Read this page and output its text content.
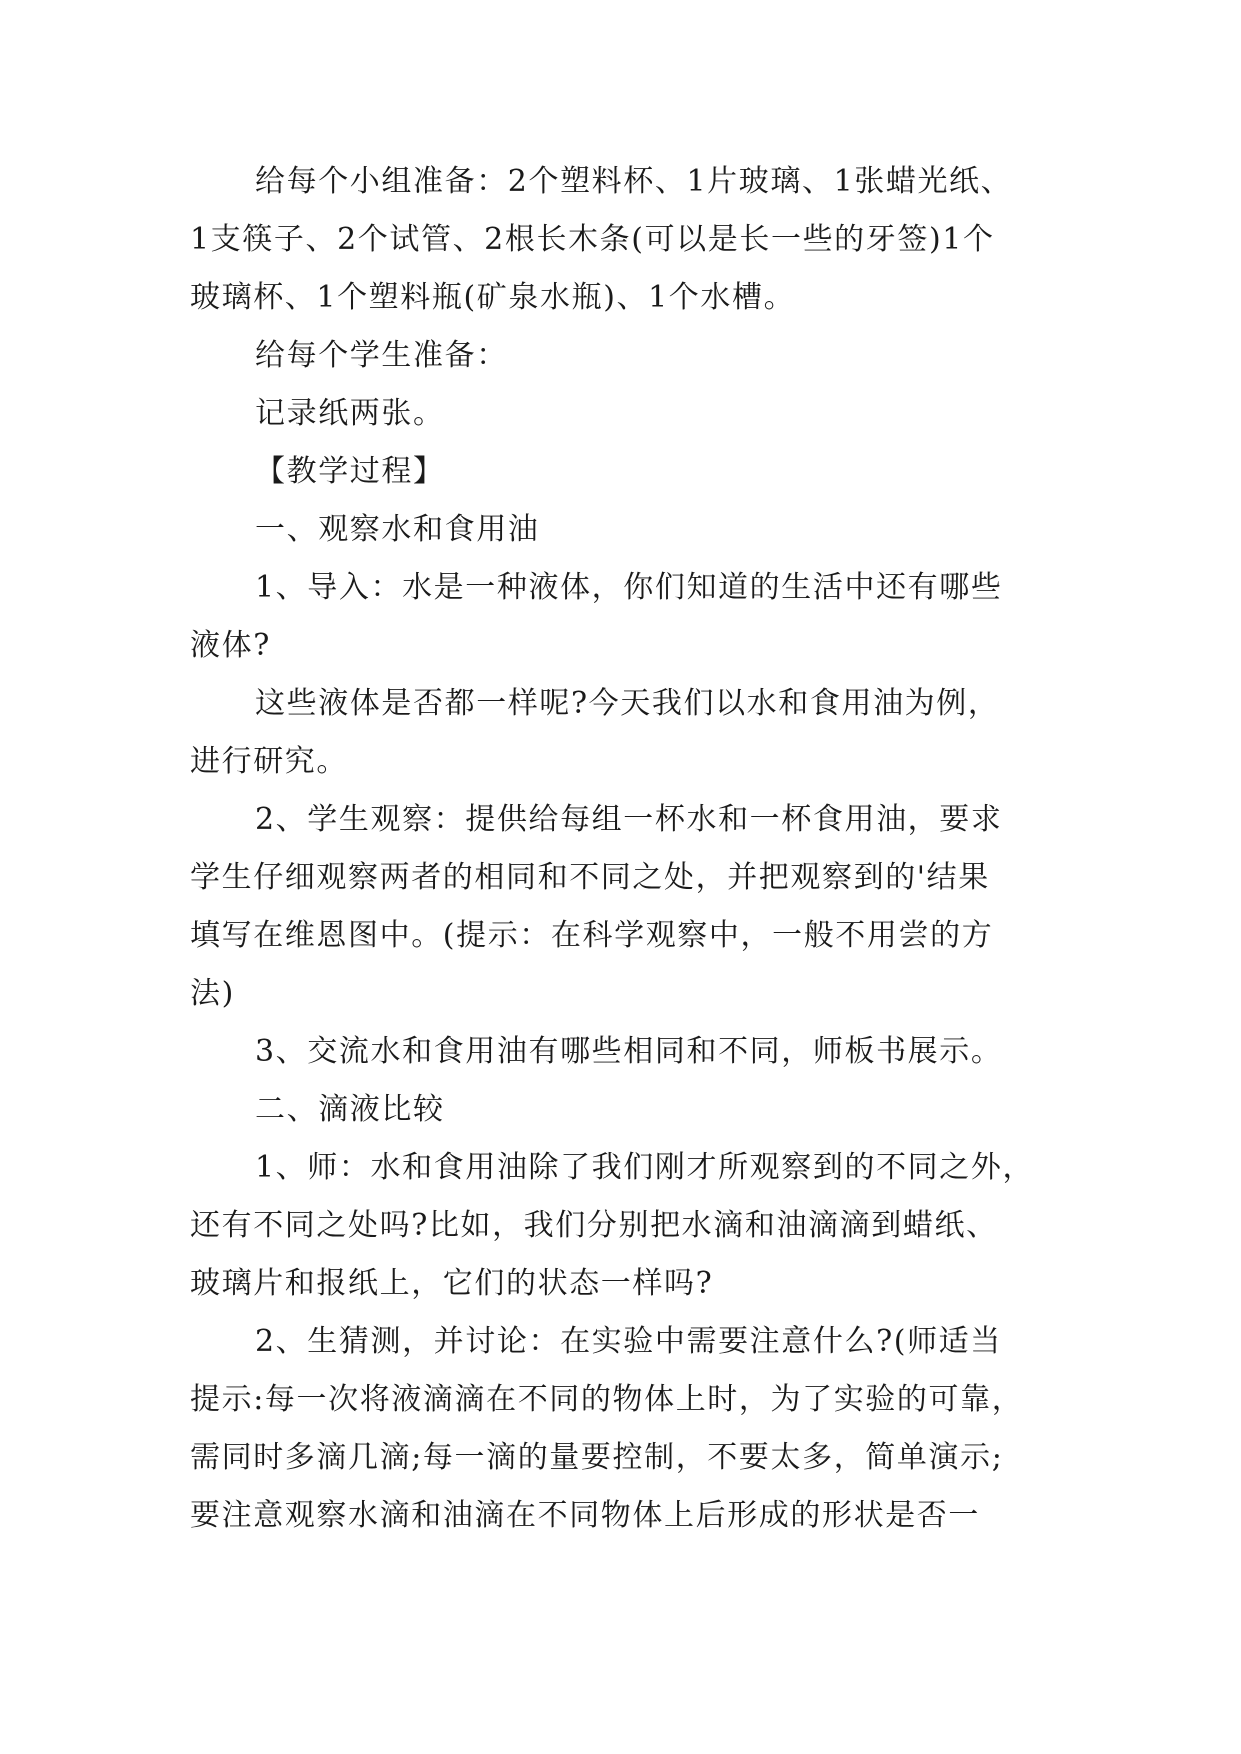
给每个小组准备：2个塑料杯、1片玻璃、1张蜡光纸、
1支筷子、2个试管、2根长木条(可以是长一些的牙签)1个
玻璃杯、1个塑料瓶(矿泉水瓶)、1个水槽。
给每个学生准备：
记录纸两张。
【教学过程】
一、观察水和食用油
1、导入：水是一种液体，你们知道的生活中还有哪些
液体?
这些液体是否都一样呢?今天我们以水和食用油为例，
进行研究。
2、学生观察：提供给每组一杯水和一杯食用油，要求
学生仔细观察两者的相同和不同之处，并把观察到的'结果
填写在维恩图中。(提示：在科学观察中，一般不用尝的方
法)
3、交流水和食用油有哪些相同和不同，师板书展示。
二、滴液比较
1、师：水和食用油除了我们刚才所观察到的不同之外，
还有不同之处吗?比如，我们分别把水滴和油滴滴到蜡纸、
玻璃片和报纸上，它们的状态一样吗?
2、生猜测，并讨论：在实验中需要注意什么?(师适当
提示:每一次将液滴滴在不同的物体上时，为了实验的可靠，
需同时多滴几滴;每一滴的量要控制，不要太多，简单演示;
要注意观察水滴和油滴在不同物体上后形成的形状是否一
